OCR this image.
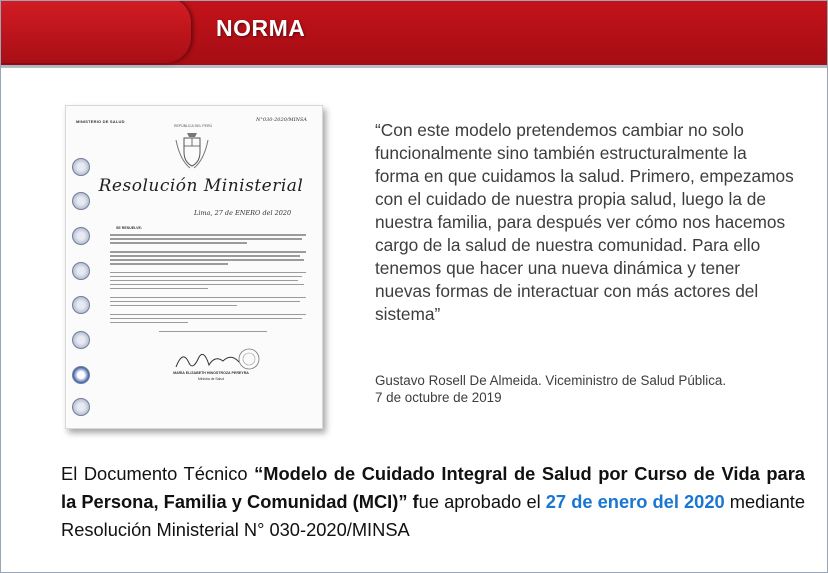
NORMA
MINISTERIO DE SALUD	N°030-2020/MINSA
REPÚBLICA DEL PERÚ
Resolución Ministerial
Lima, 27 de ENERO del 2020
SE RESUELVE:
MARÍA ELIZABETH HINOSTROZA PEREYRA
Ministra de Salud
“Con este modelo pretendemos cambiar no solo funcionalmente sino también estructuralmente la forma en que cuidamos la salud. Primero, empezamos con el cuidado de nuestra propia salud, luego la de nuestra familia, para después ver cómo nos hacemos cargo de la salud de nuestra comunidad. Para ello tenemos que hacer una nueva dinámica y tener nuevas formas de interactuar con más actores del sistema”
Gustavo Rosell De Almeida. Viceministro de Salud Pública.
7 de octubre de 2019
El Documento Técnico “Modelo de Cuidado Integral de Salud por Curso de Vida para la Persona, Familia y Comunidad (MCI)” fue aprobado el 27 de enero del 2020 mediante Resolución Ministerial N° 030-2020/MINSA
